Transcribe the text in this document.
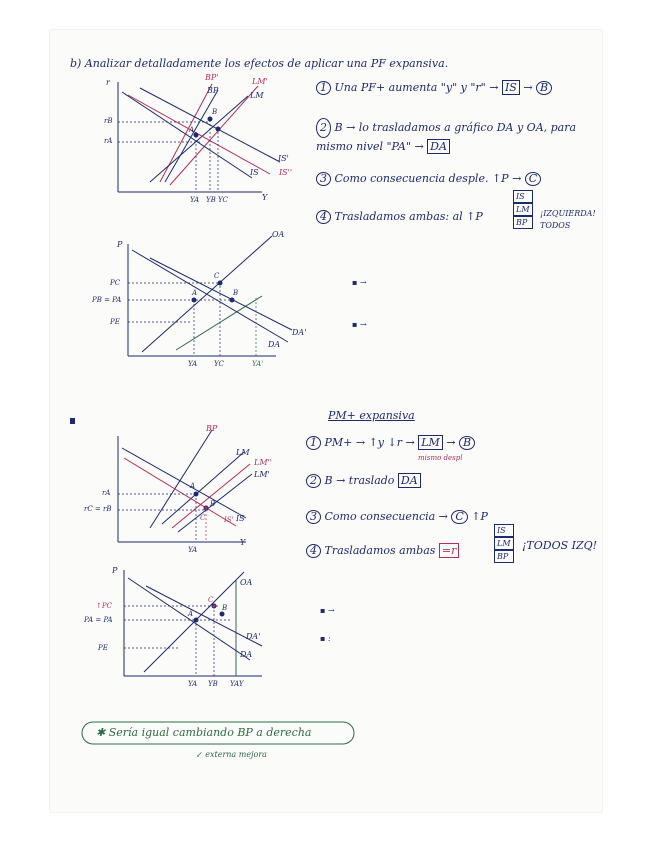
b) Analizar detalladamente los efectos de aplicar una PF expansiva.
r
BP'
BP
LM'
LM
IS'
IS	IS''
Y
YA YB YC
rB
rA
A
B
P
OA
PC
PB = PA
PE
A
C
B
DA'
DA
YA YC	YA'
1 Una PF+ aumenta "y" y "r" → IS → B
2 B → lo trasladamos a gráfico DA y OA, para mismo nivel "PA" → DA
3 Como consecuencia desple. ↑P → C
4 Trasladamos ambas: al ↑P
IS
LM
BP
¡IZQUIERDA! TODOS
▪ →
▪ →
PM+ expansiva
1 PM+ → ↑y ↓r → LM → B
mismo despl
2 B → traslado DA
3 Como consecuencia → C ↑P
4 Trasladamos ambas =r
IS
LM
BP
¡TODOS IZQ!
▪ →
▪ :
BP
LM
LM''
LM'
IS' IS
rA
rC = rB
YA
Y
B
C
A
P
OA
↑PC
PA = PA
PE
A
C
B
DA'
DA
YA YB YAY
✱ Sería igual cambiando BP a derecha
↙ externa mejora
